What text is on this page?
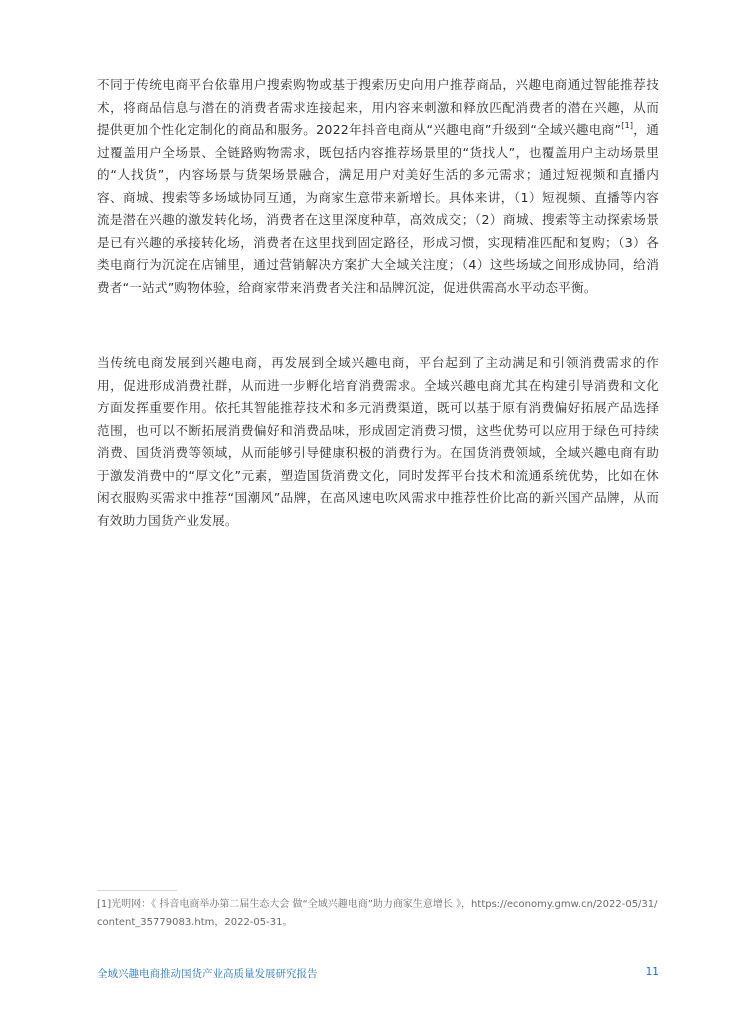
不同于传统电商平台依靠用户搜索购物或基于搜索历史向用户推荐商品，兴趣电商通过智能推荐技术，将商品信息与潜在的消费者需求连接起来，用内容来刺激和释放匹配消费者的潜在兴趣，从而提供更加个性化定制化的商品和服务。2022年抖音电商从“兴趣电商”升级到“全域兴趣电商”[1]，通过覆盖用户全场景、全链路购物需求，既包括内容推荐场景里的“货找人”，也覆盖用户主动场景里的“人找货”，内容场景与货架场景融合，满足用户对美好生活的多元需求；通过短视频和直播内容、商城、搜索等多场域协同互通，为商家生意带来新增长。具体来讲，（1）短视频、直播等内容流是潜在兴趣的激发转化场，消费者在这里深度种草，高效成交；（2）商城、搜索等主动探索场景是已有兴趣的承接转化场，消费者在这里找到固定路径，形成习惯，实现精准匹配和复购；（3）各类电商行为沉淀在店铺里，通过营销解决方案扩大全域关注度；（4）这些场域之间形成协同，给消费者“一站式”购物体验，给商家带来消费者关注和品牌沉淀，促进供需高水平动态平衡。

当传统电商发展到兴趣电商，再发展到全域兴趣电商，平台起到了主动满足和引领消费需求的作用，促进形成消费社群，从而进一步孵化培育消费需求。全域兴趣电商尤其在构建引导消费和文化方面发挥重要作用。依托其智能推荐技术和多元消费渠道，既可以基于原有消费偏好拓展产品选择范围，也可以不断拓展消费偏好和消费品味，形成固定消费习惯，这些优势可以应用于绿色可持续消费、国货消费等领域，从而能够引导健康积极的消费行为。在国货消费领域，全域兴趣电商有助于激发消费中的“厚文化”元素，塑造国货消费文化，同时发挥平台技术和流通系统优势，比如在休闲衣服购买需求中推荐“国潮风”品牌，在高风速电吹风需求中推荐性价比高的新兴国产品牌，从而有效助力国货产业发展。

[1]光明网：《 抖音电商举办第二届生态大会 做“全域兴趣电商”助力商家生意增长 》，https://economy.gmw.cn/2022-05/31/content_35779083.htm，2022-05-31。

全域兴趣电商推动国货产业高质量发展研究报告	11
